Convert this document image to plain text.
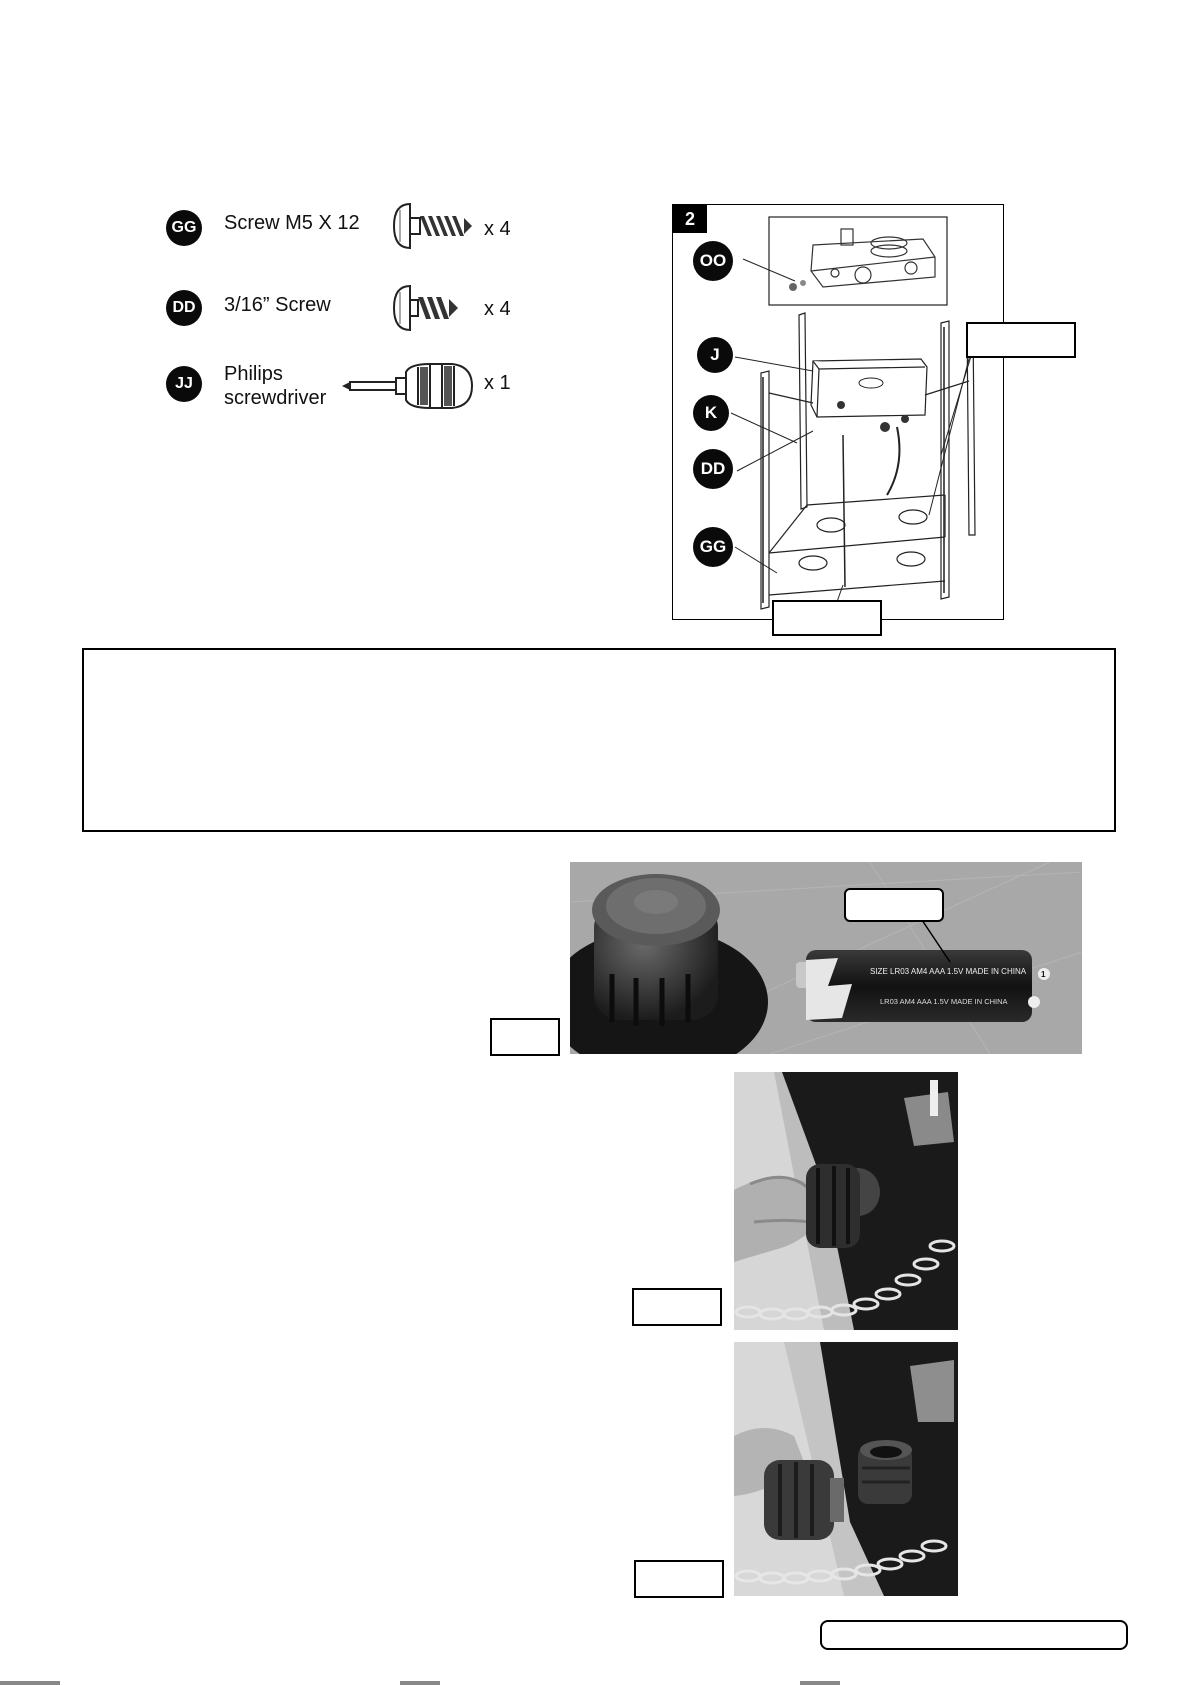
GG Screw M5 X 12	x 4
DD	3/16” Screw	x 4
JJ	Philips
screwdriver
x 1
2
OO
J
K
DD
GG
SIZE LR03 AM4 AAA 1.5V MADE IN CHINA
LR03 AM4 AAA 1.5V MADE IN CHINA
1
